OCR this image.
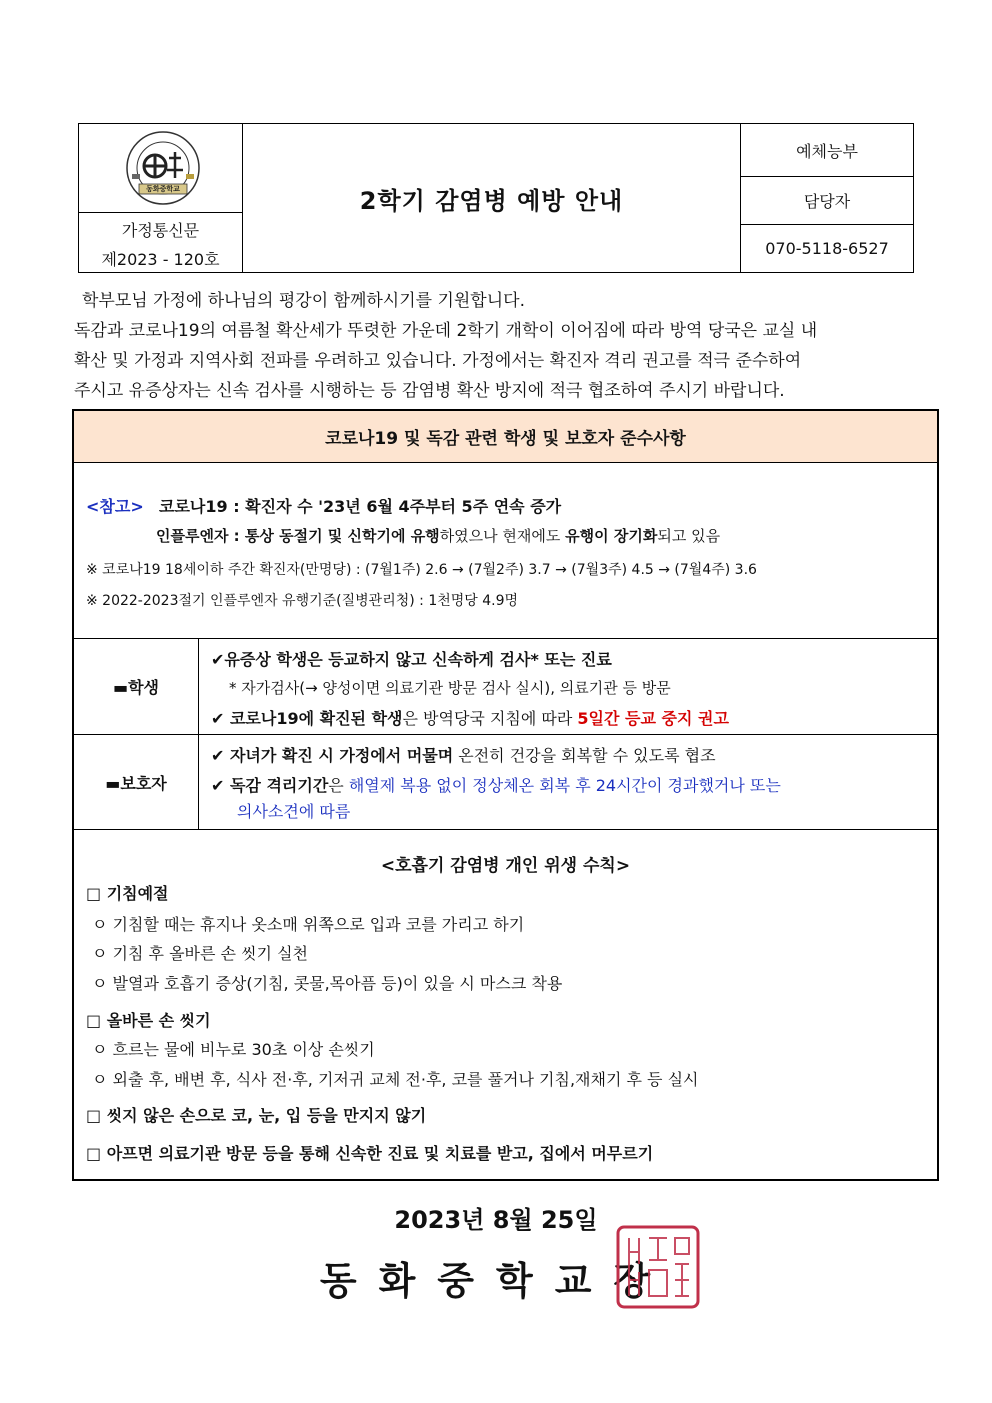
동화중학교
가정통신문
제2023 - 120호
2학기 감염병 예방 안내
예체능부
담당자
070-5118-6527

학부모님 가정에 하나님의 평강이 함께하시기를 기원합니다.

독감과 코로나19의 여름철 확산세가 뚜렷한 가운데 2학기 개학이 이어짐에 따라 방역 당국은 교실 내

확산 및 가정과 지역사회 전파를 우려하고 있습니다. 가정에서는 확진자 격리 권고를 적극 준수하여

주시고 유증상자는 신속 검사를 시행하는 등 감염병 확산 방지에 적극 협조하여 주시기 바랍니다.

코로나19 및 독감 관련 학생 및 보호자 준수사항
<참고> 코로나19 : 확진자 수 '23년 6월 4주부터 5주 연속 증가
인플루엔자 : 통상 동절기 및 신학기에 유행하였으나 현재에도 유행이 장기화되고 있음
※ 코로나19 18세이하 주간 확진자(만명당) : (7월1주) 2.6 → (7월2주) 3.7 → (7월3주) 4.5 → (7월4주) 3.6
※ 2022-2023절기 인플루엔자 유행기준(질병관리청) : 1천명당 4.9명
▬학생
✔유증상 학생은 등교하지 않고 신속하게 검사* 또는 진료
* 자가검사(→ 양성이면 의료기관 방문 검사 실시), 의료기관 등 방문
✔ 코로나19에 확진된 학생은 방역당국 지침에 따라 5일간 등교 중지 권고
▬보호자
✔ 자녀가 확진 시 가정에서 머물며 온전히 건강을 회복할 수 있도록 협조
✔ 독감 격리기간은 해열제 복용 없이 정상체온 회복 후 24시간이 경과했거나 또는
의사소견에 따름
<호흡기 감염병 개인 위생 수칙>
□ 기침예절
ㅇ 기침할 때는 휴지나 옷소매 위쪽으로 입과 코를 가리고 하기
ㅇ 기침 후 올바른 손 씻기 실천
ㅇ 발열과 호흡기 증상(기침, 콧물,목아픔 등)이 있을 시 마스크 착용
□ 올바른 손 씻기
ㅇ 흐르는 물에 비누로 30초 이상 손씻기
ㅇ 외출 후, 배변 후, 식사 전·후, 기저귀 교체 전·후, 코를 풀거나 기침,재채기 후 등 실시
□ 씻지 않은 손으로 코, 눈, 입 등을 만지지 않기
□ 아프면 의료기관 방문 등을 통해 신속한 진료 및 치료를 받고, 집에서 머무르기
2023년 8월 25일
동화중학교장
